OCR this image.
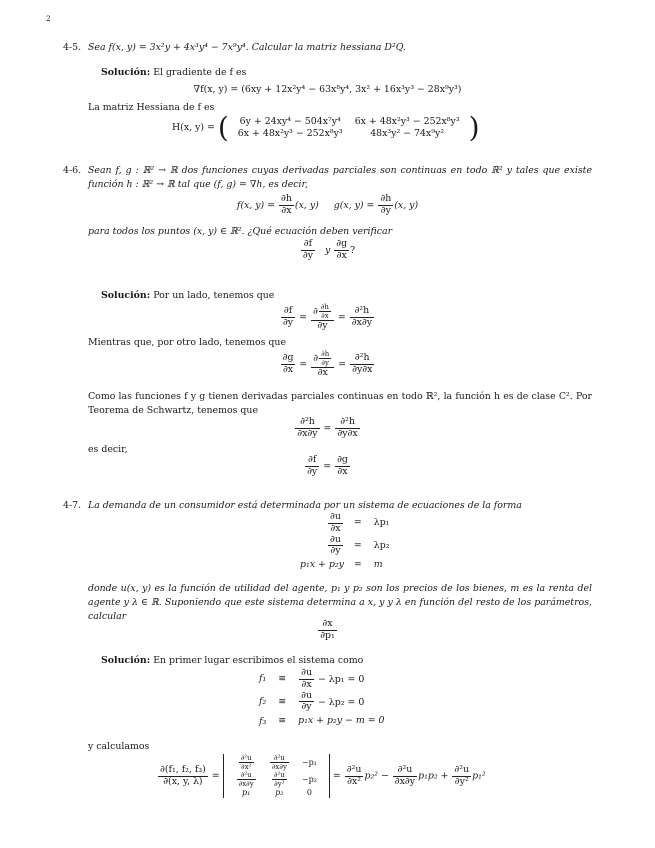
2
4-5. Sea f(x, y) = 3x²y + 4x³y⁴ − 7x⁹y⁴. Calcular la matriz hessiana D²Q.
Solución: El gradiente de f es
∇f(x, y) = (6xy + 12x²y⁴ − 63x⁸y⁴, 3x² + 16x³y³ − 28x⁹y³)
La matriz Hessiana de f es
H(x, y) = ( 6y + 24xy⁴ − 504x⁷y⁴	6x + 48x²y³ − 252x⁸y³
6x + 48x²y³ − 252x⁸y³	48x³y² − 74x⁹y² )
4-6. Sean f, g : ℝ² → ℝ dos funciones cuyas derivadas parciales son continuas en todo ℝ² y tales que existe
función h : ℝ² → ℝ tal que (f, g) = ∇h, es decir,
f(x, $y) = \frac{\partial h}{\partial x} (x$, y) g(x, $y) = \frac{\partial h}{\partial y} (x$, y)
para todos los puntos (x, y) ∈ ℝ². ¿Qué ecuación deben verificar
$\frac{\partial f}{\partial y}$ y $\frac{\partial g}{\partial x}$ ?
Solución: Por un lado, tenemos que
$\frac{\partial f}{\partial y} = \frac{\partial \frac{\partial h}{\partial x}}{\partial y} = \frac{\text{∂²h}}{\partial x\partial y}$
Mientras que, por otro lado, tenemos que
$\frac{\partial g}{\partial x} = \frac{\partial \frac{\partial h}{\partial y}}{\partial x} = \frac{\text{∂²h}}{\partial y\partial x}$
Como las funciones f y g tienen derivadas parciales continuas en todo ℝ², la función h es de clase C². Por
Teorema de Schwartz, tenemos que
$\frac{\text{∂²h}}{\partial x\partial y} = \frac{\text{∂²h}}{\partial y\partial x}$
es decir,
$\frac{\partial f}{\partial y} = \frac{\partial g}{\partial x}$
4-7. La demanda de un consumidor está determinada por un sistema de ecuaciones de la forma
$\frac{\partial u}{\partial x}$	=	λp₁

$\frac{\partial u}{\partial y}$	=	λp₂
p₁x + p₂y	=	m
donde u(x, y) es la función de utilidad del agente, p₁ y p₂ son los precios de los bienes, m es la renta del
agente y λ ∈ ℝ. Suponiendo que este sistema determina a x, y y λ en función del resto de los parámetros,
calcular
$\frac{\partial x}{\text{∂p₁}}$
Solución: En primer lugar escribimos el sistema como
f₁	≡	$\frac{\partial u}{\partial x} - \lambda p_1 = 0$
f₂	≡	$\frac{\partial u}{\partial y} - \lambda p_2 = 0$
f₃	≡	p₁x + p₂y − m = 0
y calculamos
$\frac{\text{∂(f₁, f₂, f₃)}}{\partial(x, y, \lambda)}$ =
$\frac{\text{∂²u}}{\text{∂x²}}$	$\frac{\text{∂²u}}{\partial x\partial y}$	−p₁

$\frac{\text{∂²u}}{\partial x\partial y}$	$\frac{\text{∂²u}}{\text{∂y²}}$	−p₂
p₁	p₂	0
= $\frac{\text{∂²u}}{\text{∂x²}} p_2^2 - \frac{\text{∂²u}}{\partial x\partial y} p_1p_2 + \frac{\text{∂²u}}{\text{∂y²}} p_1^2$
